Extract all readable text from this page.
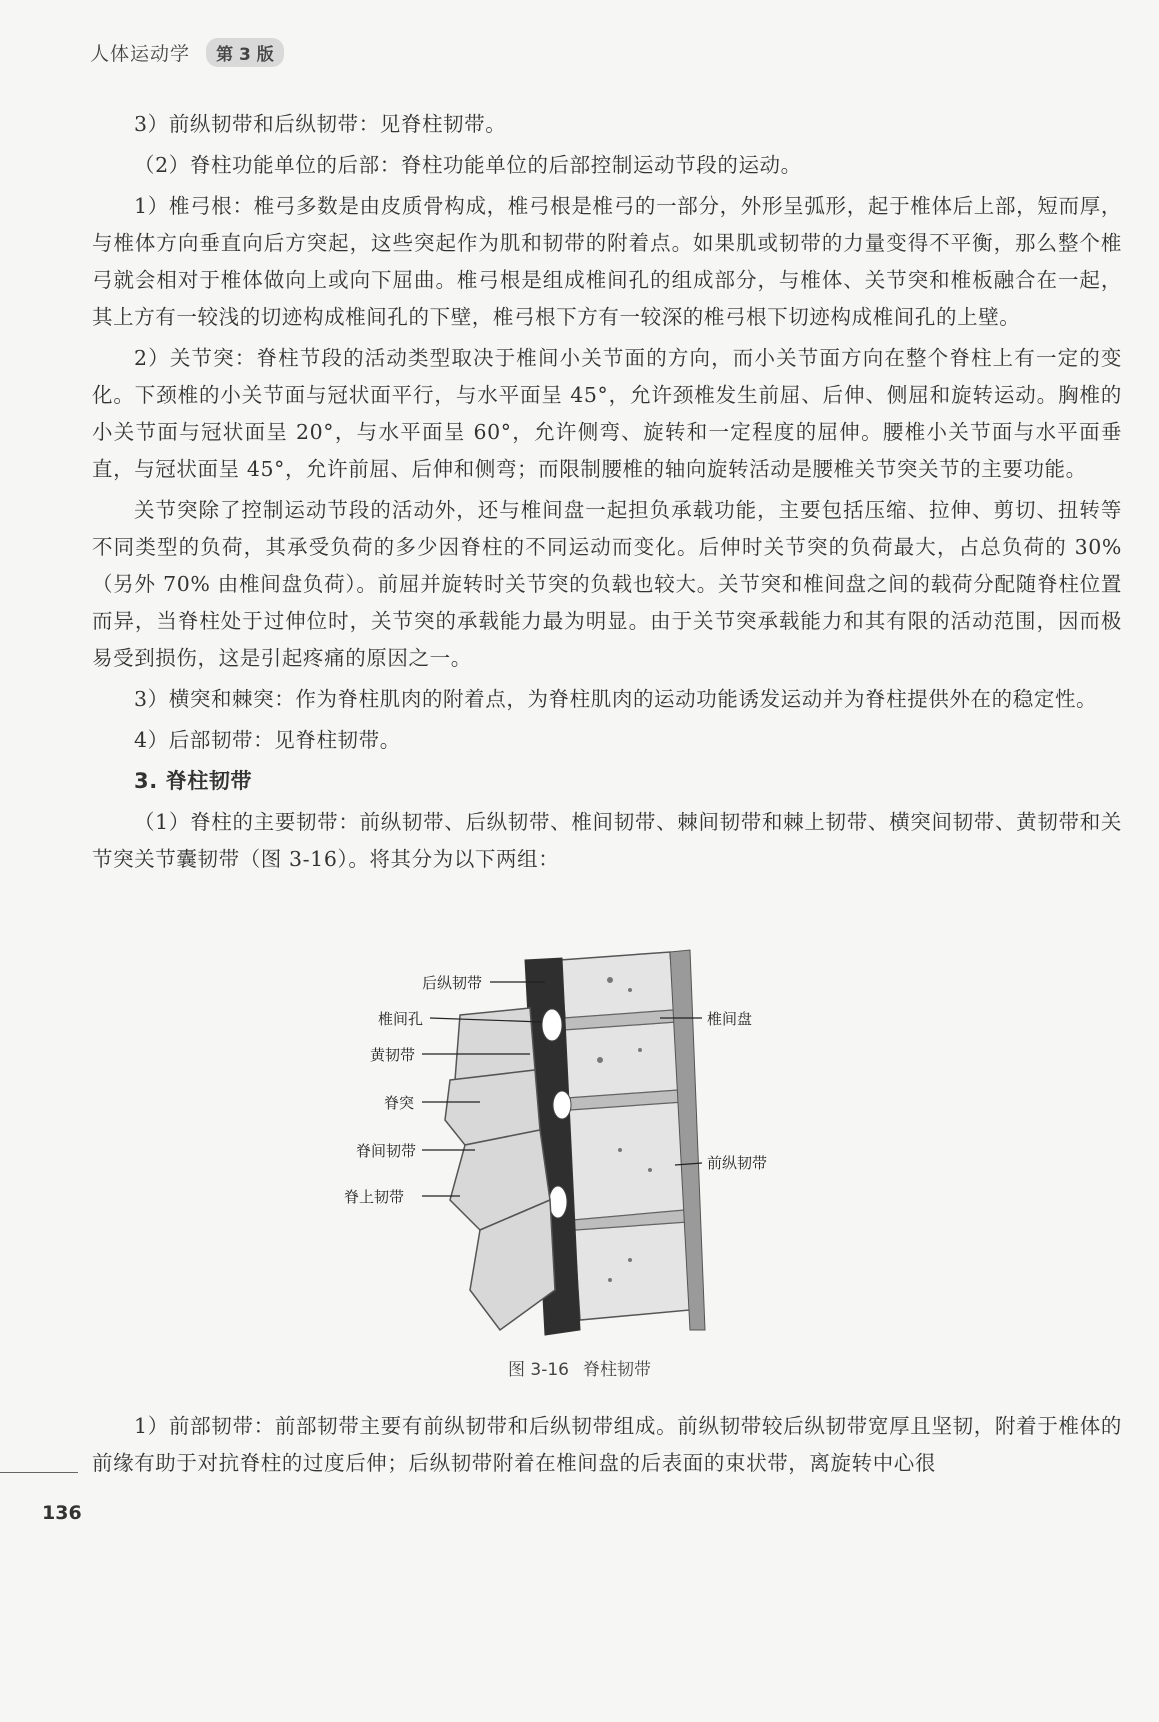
人体运动学 第 3 版

3）前纵韧带和后纵韧带：见脊柱韧带。

（2）脊柱功能单位的后部：脊柱功能单位的后部控制运动节段的运动。

1）椎弓根：椎弓多数是由皮质骨构成，椎弓根是椎弓的一部分，外形呈弧形，起于椎体后上部，短而厚，与椎体方向垂直向后方突起，这些突起作为肌和韧带的附着点。如果肌或韧带的力量变得不平衡，那么整个椎弓就会相对于椎体做向上或向下屈曲。椎弓根是组成椎间孔的组成部分，与椎体、关节突和椎板融合在一起，其上方有一较浅的切迹构成椎间孔的下壁，椎弓根下方有一较深的椎弓根下切迹构成椎间孔的上壁。

2）关节突：脊柱节段的活动类型取决于椎间小关节面的方向，而小关节面方向在整个脊柱上有一定的变化。下颈椎的小关节面与冠状面平行，与水平面呈 45°，允许颈椎发生前屈、后伸、侧屈和旋转运动。胸椎的小关节面与冠状面呈 20°，与水平面呈 60°，允许侧弯、旋转和一定程度的屈伸。腰椎小关节面与水平面垂直，与冠状面呈 45°，允许前屈、后伸和侧弯；而限制腰椎的轴向旋转活动是腰椎关节突关节的主要功能。

关节突除了控制运动节段的活动外，还与椎间盘一起担负承载功能，主要包括压缩、拉伸、剪切、扭转等不同类型的负荷，其承受负荷的多少因脊柱的不同运动而变化。后伸时关节突的负荷最大，占总负荷的 30%（另外 70% 由椎间盘负荷）。前屈并旋转时关节突的负载也较大。关节突和椎间盘之间的载荷分配随脊柱位置而异，当脊柱处于过伸位时，关节突的承载能力最为明显。由于关节突承载能力和其有限的活动范围，因而极易受到损伤，这是引起疼痛的原因之一。

3）横突和棘突：作为脊柱肌肉的附着点，为脊柱肌肉的运动功能诱发运动并为脊柱提供外在的稳定性。

4）后部韧带：见脊柱韧带。

3. 脊柱韧带

（1）脊柱的主要韧带：前纵韧带、后纵韧带、椎间韧带、棘间韧带和棘上韧带、横突间韧带、黄韧带和关节突关节囊韧带（图 3-16）。将其分为以下两组：

后纵韧带
椎间孔	椎间盘
黄韧带
脊突
脊间韧带
前纵韧带
脊上韧带
图 3-16 脊柱韧带

1）前部韧带：前部韧带主要有前纵韧带和后纵韧带组成。前纵韧带较后纵韧带宽厚且坚韧，附着于椎体的前缘有助于对抗脊柱的过度后伸；后纵韧带附着在椎间盘的后表面的束状带，离旋转中心很

136
